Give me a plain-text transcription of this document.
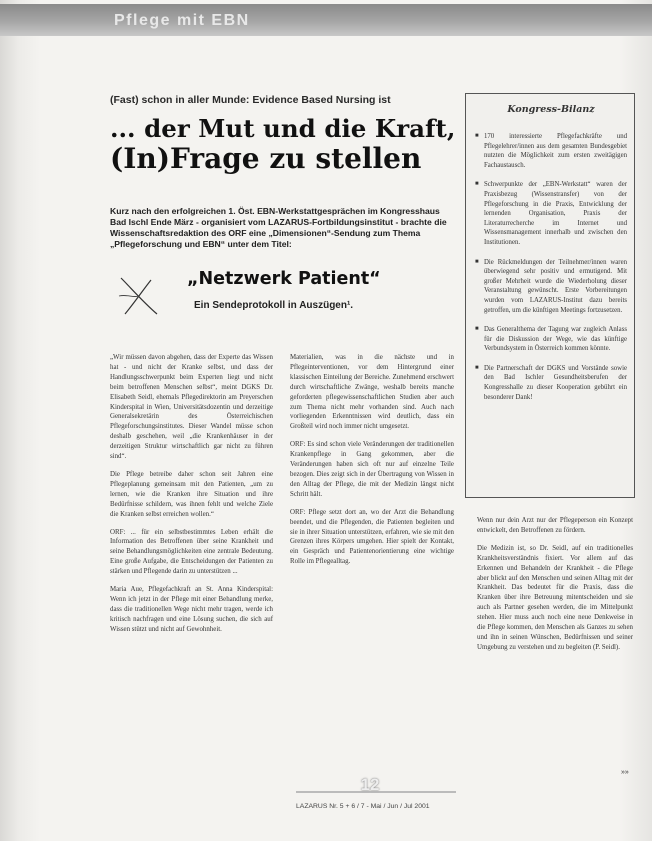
Pflege mit EBN
(Fast) schon in aller Munde: Evidence Based Nursing ist
... der Mut und die Kraft,
(In)Frage zu stellen

Kurz nach den erfolgreichen 1. Öst. EBN-Werkstattgesprächen im Kongresshaus Bad Ischl Ende März - organisiert vom LAZARUS-Fortbildungsinstitut - brachte die Wissenschaftsredaktion des ORF eine „Dimensionen“-Sendung zum Thema „Pflegeforschung und EBN“ unter dem Titel:

„Netzwerk Patient“
Ein Sendeprotokoll in Auszügen¹.

„Wir müssen davon abgehen, dass der Experte das Wissen hat - und nicht der Kranke selbst, und dass der Handlungsschwerpunkt beim Experten liegt und nicht beim betroffenen Menschen selbst“, meint DGKS Dr. Elisabeth Seidl, ehemals Pflegedirektorin am Preyerschen Kinderspital in Wien, Universitätsdozentin und derzeitige Generalsekretärin des Österreichischen Pflegeforschungsinstitutes. Dieser Wandel müsse schon deshalb geschehen, weil „die Krankenhäuser in der derzeitigen Struktur wirtschaftlich gar nicht zu führen sind“.

Die Pflege betreibe daher schon seit Jahren eine Pflegeplanung gemeinsam mit den Patienten, „um zu lernen, wie die Kranken ihre Situation und ihre Bedürfnisse schildern, was ihnen fehlt und welche Ziele die Kranken selbst erreichen wollen.“

ORF: ... für ein selbstbestimmtes Leben erhält die Information des Betroffenen über seine Krankheit und seine Behandlungsmöglichkeiten eine zentrale Bedeutung. Eine große Aufgabe, die Entscheidungen der Patienten zu stärken und Pflegende darin zu unterstützen ...

Maria Aue, Pflegefachkraft an St. Anna Kinderspital: Wenn ich jetzt in der Pflege mit einer Behandlung merke, dass die traditionellen Wege nicht mehr tragen, werde ich kritisch nachfragen und eine Lösung suchen, die sich auf Wissen stützt und nicht auf Gewohnheit.

Materialien, was in die nächste und in Pflegeinterventionen, vor dem Hintergrund einer klassischen Einteilung der Bereiche. Zunehmend erschwert durch wirtschaftliche Zwänge, weshalb bereits manche geforderten pflegewissenschaftlichen Studien aber auch zum Thema nicht mehr vorhanden sind. Auch nach vorliegenden Erkenntnissen wird deutlich, dass ein Großteil wird noch immer nicht umgesetzt.

ORF: Es sind schon viele Veränderungen der traditionellen Krankenpflege in Gang gekommen, aber die Veränderungen haben sich oft nur auf einzelne Teile bezogen. Dies zeigt sich in der Übertragung von Wissen in den Alltag der Pflege, die mit der Medizin längst nicht Schritt hält.

ORF: Pflege setzt dort an, wo der Arzt die Behandlung beendet, und die Pflegenden, die Patienten begleiten und sie in ihrer Situation unterstützen, erfahren, wie sie mit den Grenzen ihres Körpers umgehen. Hier spielt der Kontakt, ein Gespräch und Patientenorientierung eine wichtige Rolle im Pflegealltag.

Kongress-Bilanz
■ 170 interessierte Pflegefachkräfte und Pflegelehrer/innen aus dem gesamten Bundesgebiet nutzten die Möglichkeit zum ersten zweitägigen Fachaustausch.
■ Schwerpunkte der „EBN-Werkstatt“ waren der Praxisbezug (Wissenstransfer) von der Pflegeforschung in die Praxis, Entwicklung der lernenden Organisation, Praxis der Literaturrecherche im Internet und Wissensmanagement innerhalb und zwischen den Institutionen.
■ Die Rückmeldungen der Teilnehmer/innen waren überwiegend sehr positiv und ermutigend. Mit großer Mehrheit wurde die Wiederholung dieser Veranstaltung gewünscht. Erste Vorbereitungen wurden vom LAZARUS-Institut dazu bereits getroffen, um die künftigen Meetings fortzusetzen.
■ Das Generalthema der Tagung war zugleich Anlass für die Diskussion der Wege, wie das künftige Verbundsystem in Österreich kommen könnte.
■ Die Partnerschaft der DGKS und Vorstände sowie den Bad Ischler Gesundheitsberufen der Kongresshalle zu dieser Kooperation gebührt ein besonderer Dank!

Wenn nur dein Arzt nur der Pflegeperson ein Konzept entwickelt, den Betroffenen zu fördern.

Die Medizin ist, so Dr. Seidl, auf ein traditionelles Krankheitsverständnis fixiert. Vor allem auf das Erkennen und Behandeln der Krankheit - die Pflege aber blickt auf den Menschen und seinen Alltag mit der Krankheit. Das bedeutet für die Praxis, dass die Kranken über ihre Betreuung mitentscheiden und sie auch als Partner gesehen werden, die im Mittelpunkt stehen. Hier muss auch noch eine neue Denkweise in die Pflege kommen, den Menschen als Ganzes zu sehen und ihn in seinen Wünschen, Bedürfnissen und seiner Umgebung zu verstehen und zu begleiten (P. Seidl).

»»
12
LAZARUS Nr. 5 + 6 / 7 - Mai / Jun / Jul 2001
